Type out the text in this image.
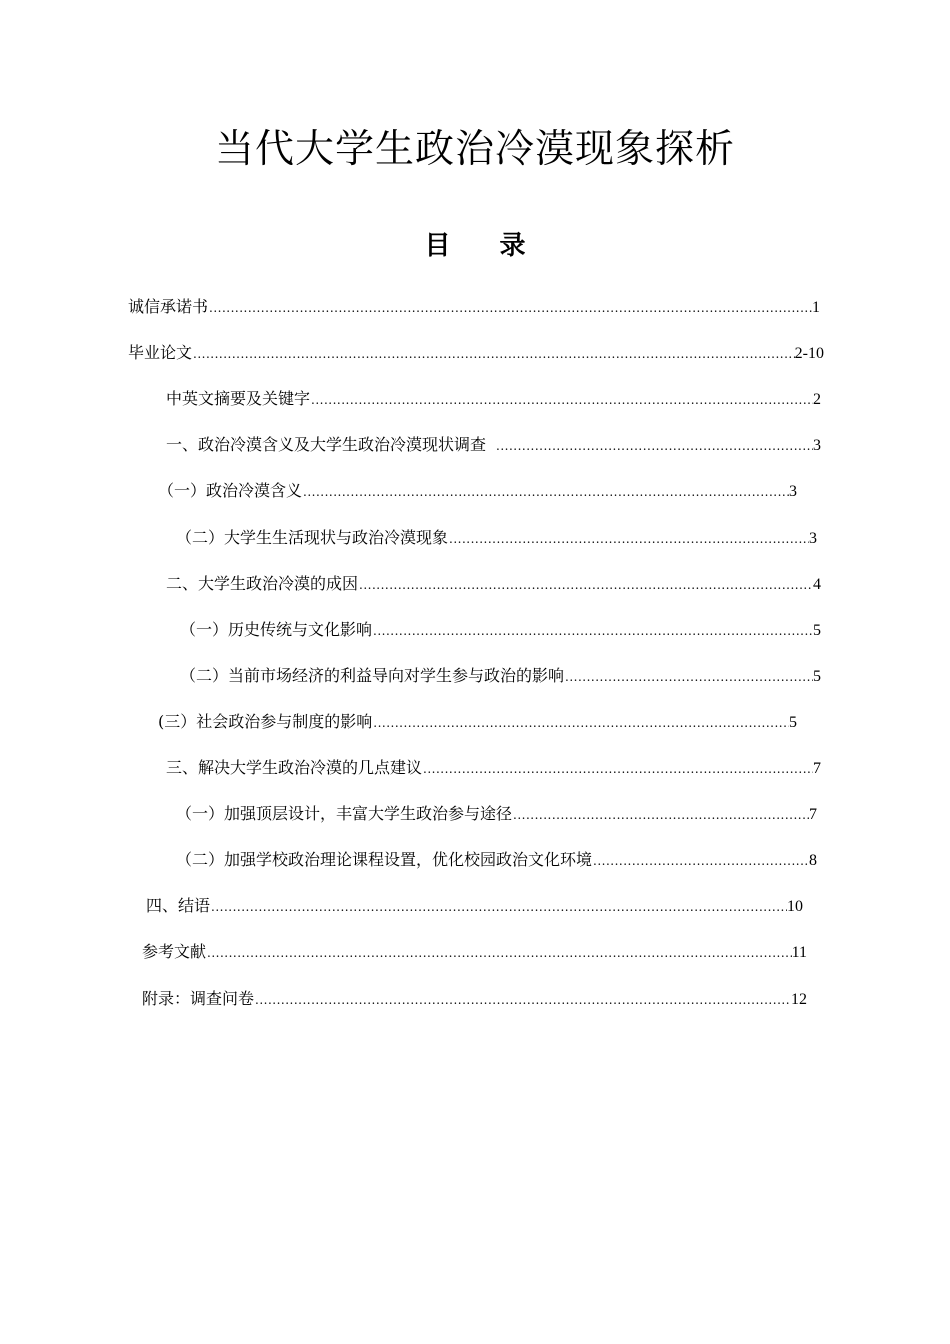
当代大学生政治冷漠现象探析
目 录
诚信承诺书 .....	1
毕业论文 .....	2-10
中英文摘要及关键字 .....	2
一、政治冷漠含义及大学生政治冷漠现状调查 .....	3
（一）政治冷漠含义 .....	3
（二）大学生生活现状与政治冷漠现象 .....	3
二、大学生政治冷漠的成因 .....	4
（一）历史传统与文化影响 .....	5
（二）当前市场经济的利益导向对学生参与政治的影响 .....	5
(三）社会政治参与制度的影响 .....	5
三、解决大学生政治冷漠的几点建议 .....	7
（一）加强顶层设计，丰富大学生政治参与途径 .....	7
（二）加强学校政治理论课程设置，优化校园政治文化环境 .....	8
四、结语 .....	10
参考文献 .....	11
附录：调查问卷 .....	12
